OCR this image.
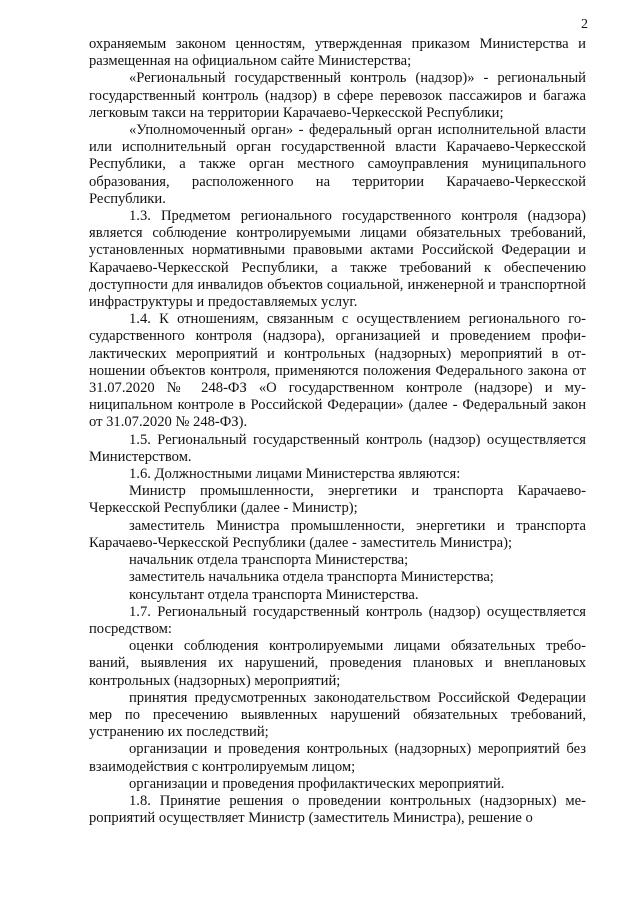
2

охраняемым законом ценностям, утвержденная приказом Министерства и размещенная на официальном сайте Министерства;

«Региональный государственный контроль (надзор)» - региональный государственный контроль (надзор) в сфере перевозок пассажиров и багажа легковым такси на территории Карачаево-Черкесской Республики;

«Уполномоченный орган» - федеральный орган исполнительной власти или исполнительный орган государственной власти Карачаево-Черкесской Республики, а также орган местного самоуправления муниципального образования, расположенного на территории Карачаево-Черкесской Республики.

1.3. Предметом регионального государственного контроля (надзора) является соблюдение контролируемыми лицами обязательных требований, установленных нормативными правовыми актами Российской Федерации и Карачаево-Черкесской Республики, а также требований к обеспечению доступности для инвалидов объектов социальной, инженерной и транспортной инфраструктуры и предоставляемых услуг.

1.4. К отношениям, связанным с осуществлением регионального государственного контроля (надзора), организацией и проведением профилактических мероприятий и контрольных (надзорных) мероприятий в отношении объектов контроля, применяются положения Федерального закона от 31.07.2020 № 248-ФЗ «О государственном контроле (надзоре) и муниципальном контроле в Российской Федерации» (далее - Федеральный закон от 31.07.2020 № 248-ФЗ).

1.5. Региональный государственный контроль (надзор) осуществляется Министерством.

1.6. Должностными лицами Министерства являются:

Министр промышленности, энергетики и транспорта Карачаево-Черкесской Республики (далее - Министр);

заместитель Министра промышленности, энергетики и транспорта Карачаево-Черкесской Республики (далее - заместитель Министра);

начальник отдела транспорта Министерства;

заместитель начальника отдела транспорта Министерства;

консультант отдела транспорта Министерства.

1.7. Региональный государственный контроль (надзор) осуществляется посредством:

оценки соблюдения контролируемыми лицами обязательных требований, выявления их нарушений, проведения плановых и внеплановых контрольных (надзорных) мероприятий;

принятия предусмотренных законодательством Российской Федерации мер по пресечению выявленных нарушений обязательных требований, устранению их последствий;

организации и проведения контрольных (надзорных) мероприятий без взаимодействия с контролируемым лицом;

организации и проведения профилактических мероприятий.

1.8. Принятие решения о проведении контрольных (надзорных) мероприятий осуществляет Министр (заместитель Министра), решение о
